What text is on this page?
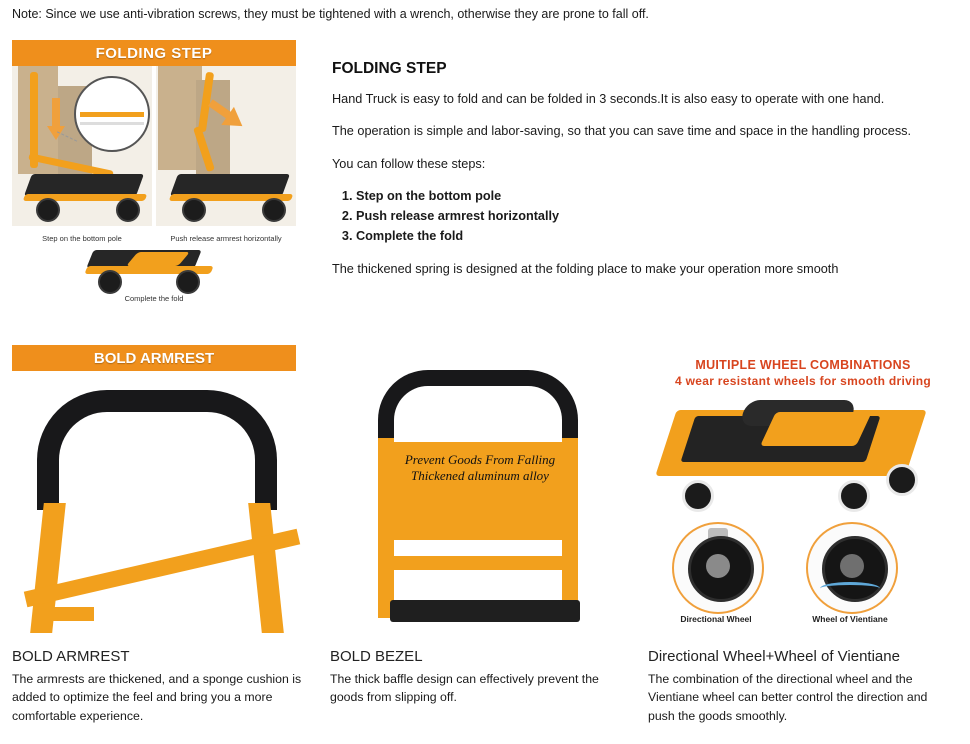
Note: Since we use anti-vibration screws, they must be tightened with a wrench, otherwise they are prone to fall off.
FOLDING STEP
Step on the bottom pole	Push release armrest horizontally
Complete the fold
FOLDING STEP

Hand Truck is easy to fold and can be folded in 3 seconds.It is also easy to operate with one hand.

The operation is simple and labor-saving, so that you can save time and space in the handling process.

You can follow these steps:

1. Step on the bottom pole
2. Push release armrest horizontally
3. Complete the fold

The thickened spring is designed at the folding place to make your operation more smooth

BOLD ARMREST
BOLD ARMREST
The armrests are thickened, and a sponge cushion is added to optimize the feel and bring you a more comfortable experience.
Prevent Goods From Falling
Thickened aluminum alloy
BOLD BEZEL
The thick baffle design can effectively prevent the goods from slipping off.
MUITIPLE WHEEL COMBINATIONS
4 wear resistant wheels for smooth driving
Directional Wheel	Wheel of Vientiane
Directional Wheel+Wheel of Vientiane
The combination of the directional wheel and the Vientiane wheel can better control the direction and push the goods smoothly.
